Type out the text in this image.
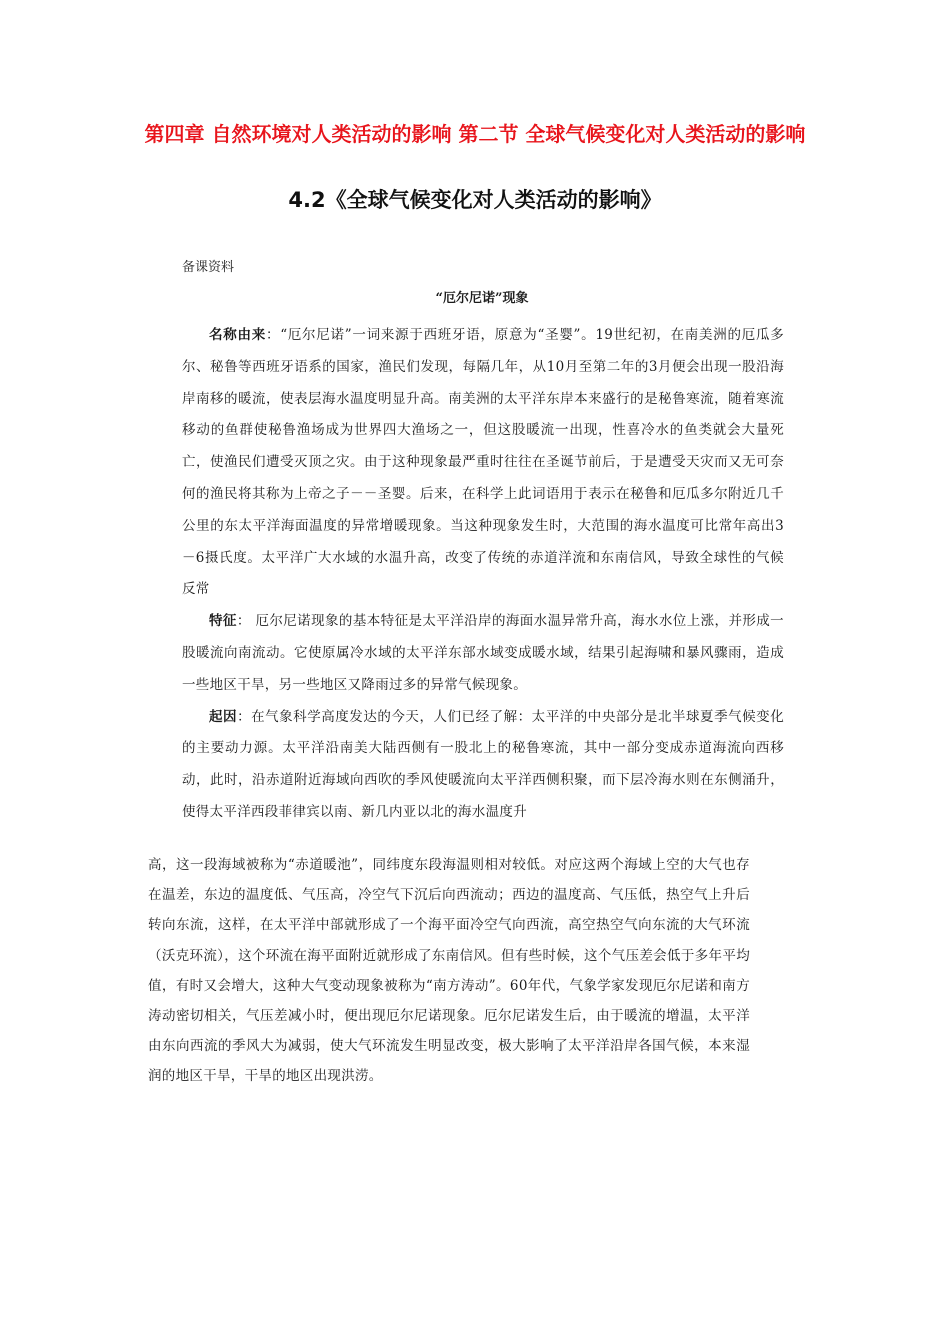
第四章 自然环境对人类活动的影响 第二节 全球气候变化对人类活动的影响
4.2《全球气候变化对人类活动的影响》

备课资料

“厄尔尼诺”现象

名称由来：“厄尔尼诺”一词来源于西班牙语，原意为“圣婴”。19世纪初，在南美洲的厄瓜多尔、秘鲁等西班牙语系的国家，渔民们发现，每隔几年，从10月至第二年的3月便会出现一股沿海岸南移的暖流，使表层海水温度明显升高。南美洲的太平洋东岸本来盛行的是秘鲁寒流，随着寒流移动的鱼群使秘鲁渔场成为世界四大渔场之一，但这股暖流一出现，性喜冷水的鱼类就会大量死亡，使渔民们遭受灭顶之灾。由于这种现象最严重时往往在圣诞节前后，于是遭受天灾而又无可奈何的渔民将其称为上帝之子－－圣婴。后来，在科学上此词语用于表示在秘鲁和厄瓜多尔附近几千公里的东太平洋海面温度的异常增暖现象。当这种现象发生时，大范围的海水温度可比常年高出3－6摄氏度。太平洋广大水域的水温升高，改变了传统的赤道洋流和东南信风，导致全球性的气候反常

特征： 厄尔尼诺现象的基本特征是太平洋沿岸的海面水温异常升高，海水水位上涨，并形成一股暖流向南流动。它使原属冷水域的太平洋东部水域变成暖水域，结果引起海啸和暴风骤雨，造成一些地区干旱，另一些地区又降雨过多的异常气候现象。

起因：在气象科学高度发达的今天，人们已经了解：太平洋的中央部分是北半球夏季气候变化的主要动力源。太平洋沿南美大陆西侧有一股北上的秘鲁寒流，其中一部分变成赤道海流向西移动，此时，沿赤道附近海域向西吹的季风使暖流向太平洋西侧积聚，而下层冷海水则在东侧涌升，使得太平洋西段菲律宾以南、新几内亚以北的海水温度升

高，这一段海域被称为“赤道暖池”，同纬度东段海温则相对较低。对应这两个海域上空的大气也存在温差，东边的温度低、气压高，冷空气下沉后向西流动；西边的温度高、气压低，热空气上升后转向东流，这样，在太平洋中部就形成了一个海平面冷空气向西流，高空热空气向东流的大气环流（沃克环流），这个环流在海平面附近就形成了东南信风。但有些时候，这个气压差会低于多年平均值，有时又会增大，这种大气变动现象被称为“南方涛动”。60年代，气象学家发现厄尔尼诺和南方涛动密切相关，气压差减小时，便出现厄尔尼诺现象。厄尔尼诺发生后，由于暖流的增温，太平洋由东向西流的季风大为减弱，使大气环流发生明显改变，极大影响了太平洋沿岸各国气候，本来湿润的地区干旱，干旱的地区出现洪涝。
